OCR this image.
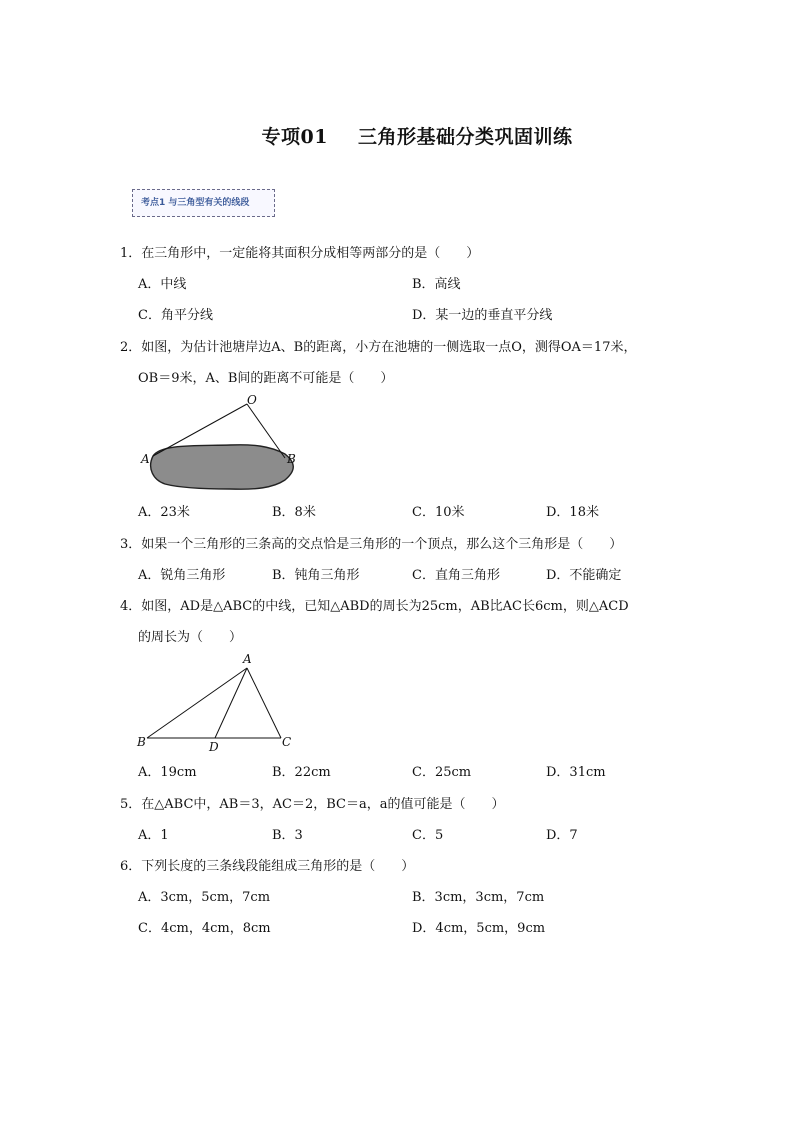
专项01 三角形基础分类巩固训练
考点1 与三角型有关的线段
1．在三角形中，一定能将其面积分成相等两部分的是（　　）
A．中线	B．高线
C．角平分线	D．某一边的垂直平分线
2．如图，为估计池塘岸边A、B的距离，小方在池塘的一侧选取一点O，测得OA＝17米，
OB＝9米，A、B间的距离不可能是（　　）
O
A	B
A．23米	B．8米	C．10米	D．18米
3．如果一个三角形的三条高的交点恰是三角形的一个顶点，那么这个三角形是（　　）
A．锐角三角形	B．钝角三角形	C．直角三角形	D．不能确定
4．如图，AD是△ABC的中线，已知△ABD的周长为25cm，AB比AC长6cm，则△ACD
的周长为（　　）
A
B	D	C
A．19cm	B．22cm	C．25cm	D．31cm
5．在△ABC中，AB＝3，AC＝2，BC＝a，a的值可能是（　　）
A．1	B．3	C．5	D．7
6．下列长度的三条线段能组成三角形的是（　　）
A．3cm，5cm，7cm	B．3cm，3cm，7cm
C．4cm，4cm，8cm	D．4cm，5cm，9cm
